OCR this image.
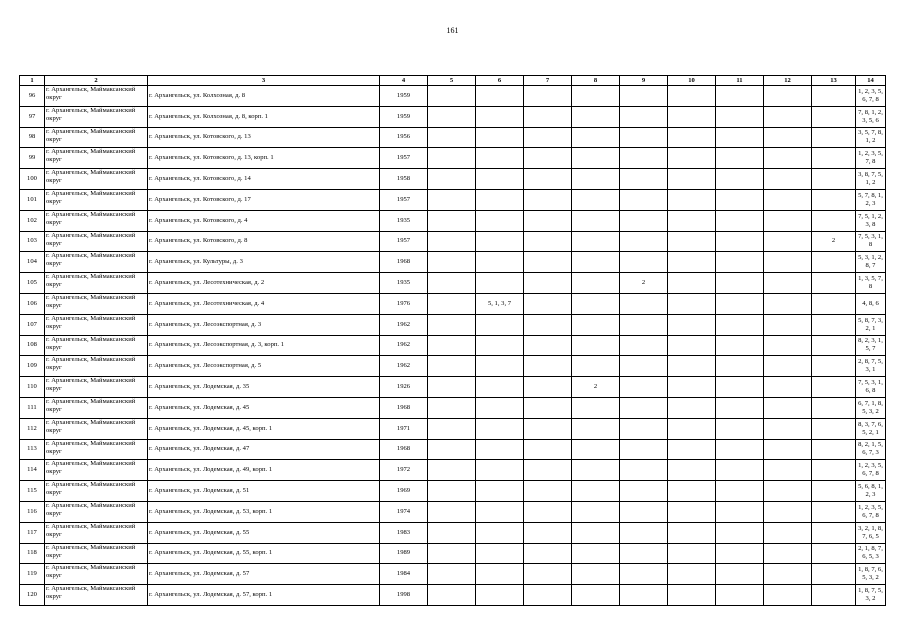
161
1	2	3	4	5	6	7	8	9	10	11	12	13	14
96	г. Архангельск, Маймаксанский округ	г. Архангельск, ул. Колхозная, д. 8	1959										1, 2, 3, 5, 6, 7, 8
97	г. Архангельск, Маймаксанский округ	г. Архангельск, ул. Колхозная, д. 8, корп. 1	1959										7, 8, 1, 2, 3, 5, 6
98	г. Архангельск, Маймаксанский округ	г. Архангельск, ул. Котовского, д. 13	1956										3, 5, 7, 8, 1, 2
99	г. Архангельск, Маймаксанский округ	г. Архангельск, ул. Котовского, д. 13, корп. 1	1957										1, 2, 3, 5, 7, 8
100	г. Архангельск, Маймаксанский округ	г. Архангельск, ул. Котовского, д. 14	1958										3, 8, 7, 5, 1, 2
101	г. Архангельск, Маймаксанский округ	г. Архангельск, ул. Котовского, д. 17	1957										5, 7, 8, 1, 2, 3
102	г. Архангельск, Маймаксанский округ	г. Архангельск, ул. Котовского, д. 4	1935										7, 5, 1, 2, 3, 8
103	г. Архангельск, Маймаксанский округ	г. Архангельск, ул. Котовского, д. 8	1957									2	7, 5, 3, 1, 8
104	г. Архангельск, Маймаксанский округ	г. Архангельск, ул. Культуры, д. 3	1968										5, 3, 1, 2, 8, 7
105	г. Архангельск, Маймаксанский округ	г. Архангельск, ул. Лесотехническая, д. 2	1935					2					1, 3, 5, 7, 8
106	г. Архангельск, Маймаксанский округ	г. Архангельск, ул. Лесотехническая, д. 4	1976		5, 1, 3, 7								4, 8, 6
107	г. Архангельск, Маймаксанский округ	г. Архангельск, ул. Лесоэкспортная, д. 3	1962										5, 8, 7, 3, 2, 1
108	г. Архангельск, Маймаксанский округ	г. Архангельск, ул. Лесоэкспортная, д. 3, корп. 1	1962										8, 2, 3, 1, 5, 7
109	г. Архангельск, Маймаксанский округ	г. Архангельск, ул. Лесоэкспортная, д. 5	1962										2, 8, 7, 5, 3, 1
110	г. Архангельск, Маймаксанский округ	г. Архангельск, ул. Лодемская, д. 35	1926				2						7, 5, 3, 1, 6, 8
111	г. Архангельск, Маймаксанский округ	г. Архангельск, ул. Лодемская, д. 45	1968										6, 7, 1, 8, 5, 3, 2
112	г. Архангельск, Маймаксанский округ	г. Архангельск, ул. Лодемская, д. 45, корп. 1	1971										8, 3, 7, 6, 5, 2, 1
113	г. Архангельск, Маймаксанский округ	г. Архангельск, ул. Лодемская, д. 47	1968										8, 2, 1, 5, 6, 7, 3
114	г. Архангельск, Маймаксанский округ	г. Архангельск, ул. Лодемская, д. 49, корп. 1	1972										1, 2, 3, 5, 6, 7, 8
115	г. Архангельск, Маймаксанский округ	г. Архангельск, ул. Лодемская, д. 51	1969										5, 6, 8, 1, 2, 3
116	г. Архангельск, Маймаксанский округ	г. Архангельск, ул. Лодемская, д. 53, корп. 1	1974										1, 2, 3, 5, 6, 7, 8
117	г. Архангельск, Маймаксанский округ	г. Архангельск, ул. Лодемская, д. 55	1983										3, 2, 1, 8, 7, 6, 5
118	г. Архангельск, Маймаксанский округ	г. Архангельск, ул. Лодемская, д. 55, корп. 1	1989										2, 1, 8, 7, 6, 5, 3
119	г. Архангельск, Маймаксанский округ	г. Архангельск, ул. Лодемская, д. 57	1984										1, 8, 7, 6, 5, 3, 2
120	г. Архангельск, Маймаксанский округ	г. Архангельск, ул. Лодемская, д. 57, корп. 1	1998										1, 8, 7, 5, 3, 2
